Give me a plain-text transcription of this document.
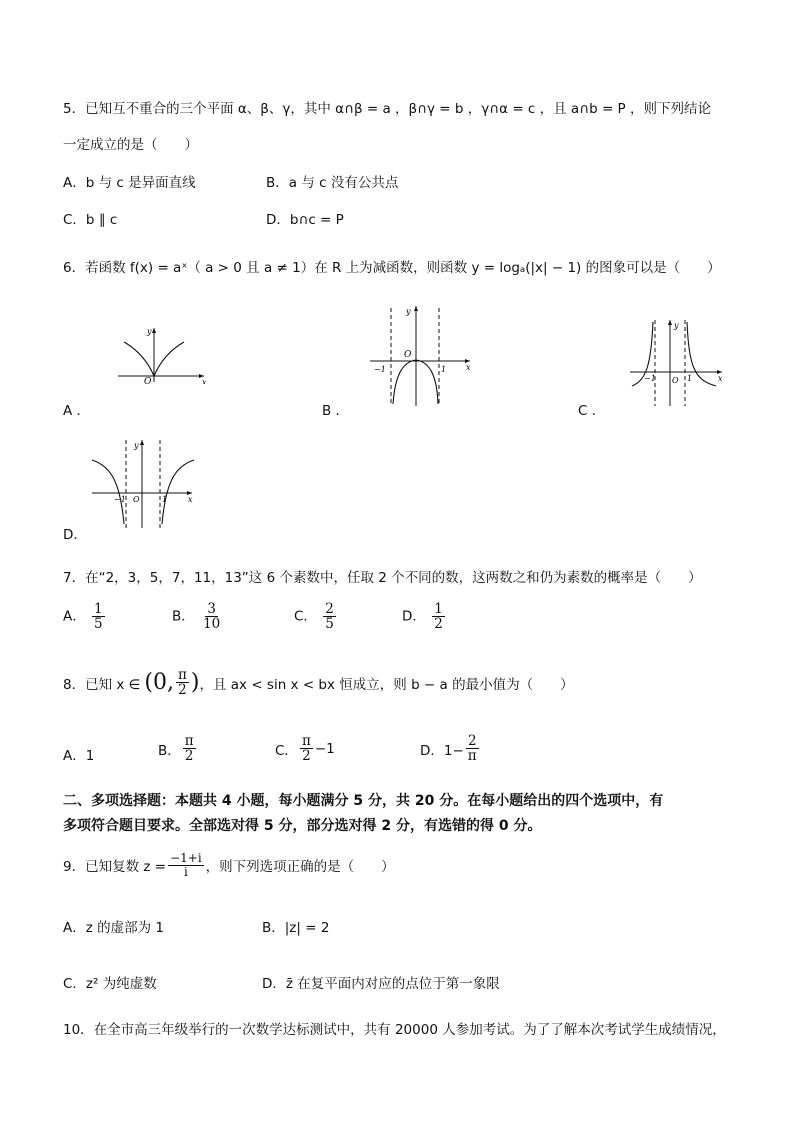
5．已知互不重合的三个平面 α、β、γ，其中 α∩β = a ，β∩γ = b ，γ∩α = c ，且 a∩b = P ，则下列结论
一定成立的是（　　）
A．b 与 c 是异面直线	B．a 与 c 没有公共点
C．b ∥ c	D．b∩c = P
6．若函数 f(x) = aˣ（ a > 0 且 a ≠ 1）在 R 上为减函数，则函数 y = logₐ(|x| − 1) 的图象可以是（　　）
y
x
O
A ．
y
x
O
−1	1
B ．
y
x
O
−1	1
C ．
y
x
O
−1	1
D．
7．在“2，3，5，7，11，13”这 6 个素数中，任取 2 个不同的数，这两数之和仍为素数的概率是（　　）
A． $\frac{1}{5}$	B． $\frac{3}{10}$	C． $\frac{2}{5}$	D． $\frac{1}{2}$
8．已知 x ∈ (0, $\frac{\pi}{2}$ ) ，且 ax < sin x < bx 恒成立，则 b − a 的最小值为（　　）
A．1	B． $\frac{\pi}{2}$	C． $\frac{\pi}{2} -1$	D．$1- \frac{2}{\pi}$
二、多项选择题：本题共 4 小题，每小题满分 5 分，共 20 分。在每小题给出的四个选项中，有
多项符合题目要求。全部选对得 5 分，部分选对得 2 分，有选错的得 0 分。
9．已知复数 $z = \frac{-1+i}{i}$ ，则下列选项正确的是（　　）
A．z 的虚部为 1	B．|z| = 2
C．z² 为纯虚数	D．z̄ 在复平面内对应的点位于第一象限
10．在全市高三年级举行的一次数学达标测试中，共有 20000 人参加考试。为了了解本次考试学生成绩情况，
